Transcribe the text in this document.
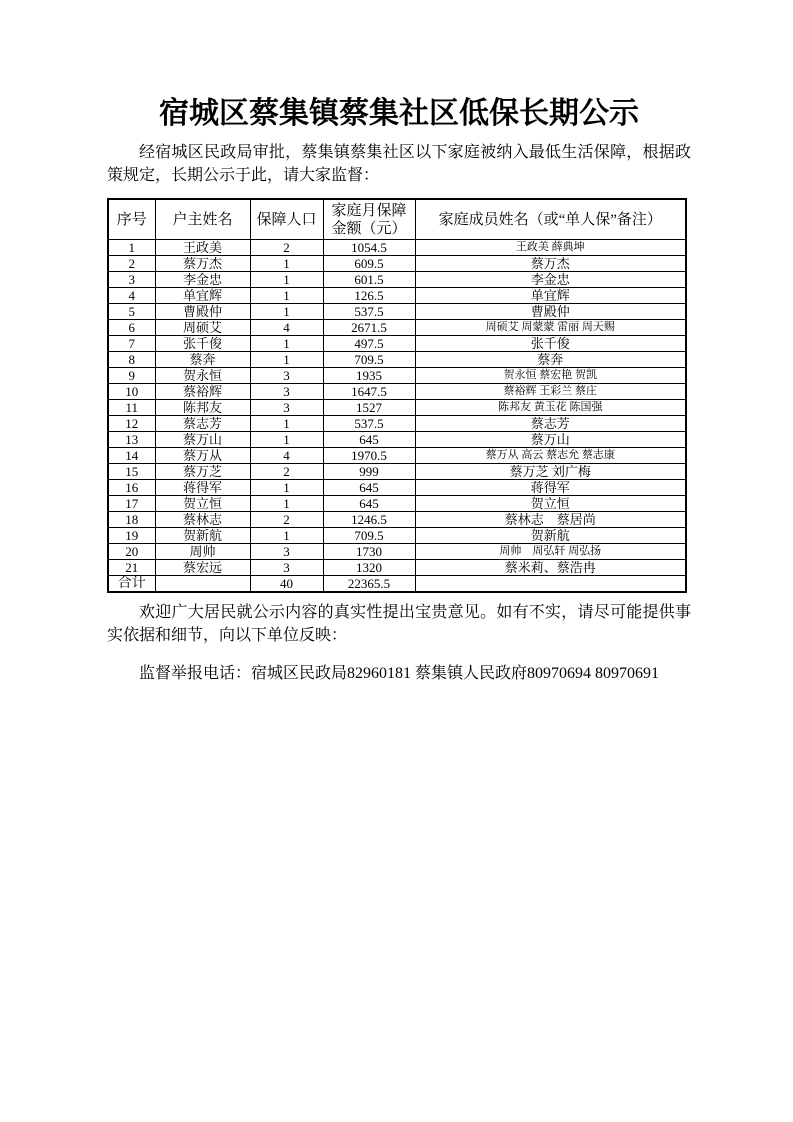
宿城区蔡集镇蔡集社区低保长期公示

经宿城区民政局审批，蔡集镇蔡集社区以下家庭被纳入最低生活保障，根据政策规定，长期公示于此，请大家监督：

序号	户主姓名	保障人口	家庭月保障金额（元）	家庭成员姓名（或“单人保”备注）
1	王政美	2	1054.5	王政美 薛典坤
2	蔡万杰	1	609.5	蔡万杰
3	李金忠	1	601.5	李金忠
4	单宜辉	1	126.5	单宜辉
5	曹殿仲	1	537.5	曹殿仲
6	周硕艾	4	2671.5	周硕艾 周蒙蒙 雷丽 周天赐
7	张千俊	1	497.5	张千俊
8	蔡奔	1	709.5	蔡奔
9	贺永恒	3	1935	贺永恒 蔡宏艳 贺凯
10	蔡裕辉	3	1647.5	蔡裕辉 王彩兰 蔡庄
11	陈邦友	3	1527	陈邦友 黄玉花 陈国强
12	蔡志芳	1	537.5	蔡志芳
13	蔡万山	1	645	蔡万山
14	蔡万从	4	1970.5	蔡万从 高云 蔡志允 蔡志康
15	蔡万芝	2	999	蔡万芝 刘广梅
16	蒋得军	1	645	蒋得军
17	贺立恒	1	645	贺立恒
18	蔡林志	2	1246.5	蔡林志　蔡居尚
19	贺新航	1	709.5	贺新航
20	周帅	3	1730	周帅　周弘轩 周弘扬
21	蔡宏远	3	1320	蔡米莉、蔡浩冉
合计		40	22365.5	

欢迎广大居民就公示内容的真实性提出宝贵意见。如有不实，请尽可能提供事实依据和细节，向以下单位反映：

监督举报电话：宿城区民政局82960181 蔡集镇人民政府80970694 80970691
